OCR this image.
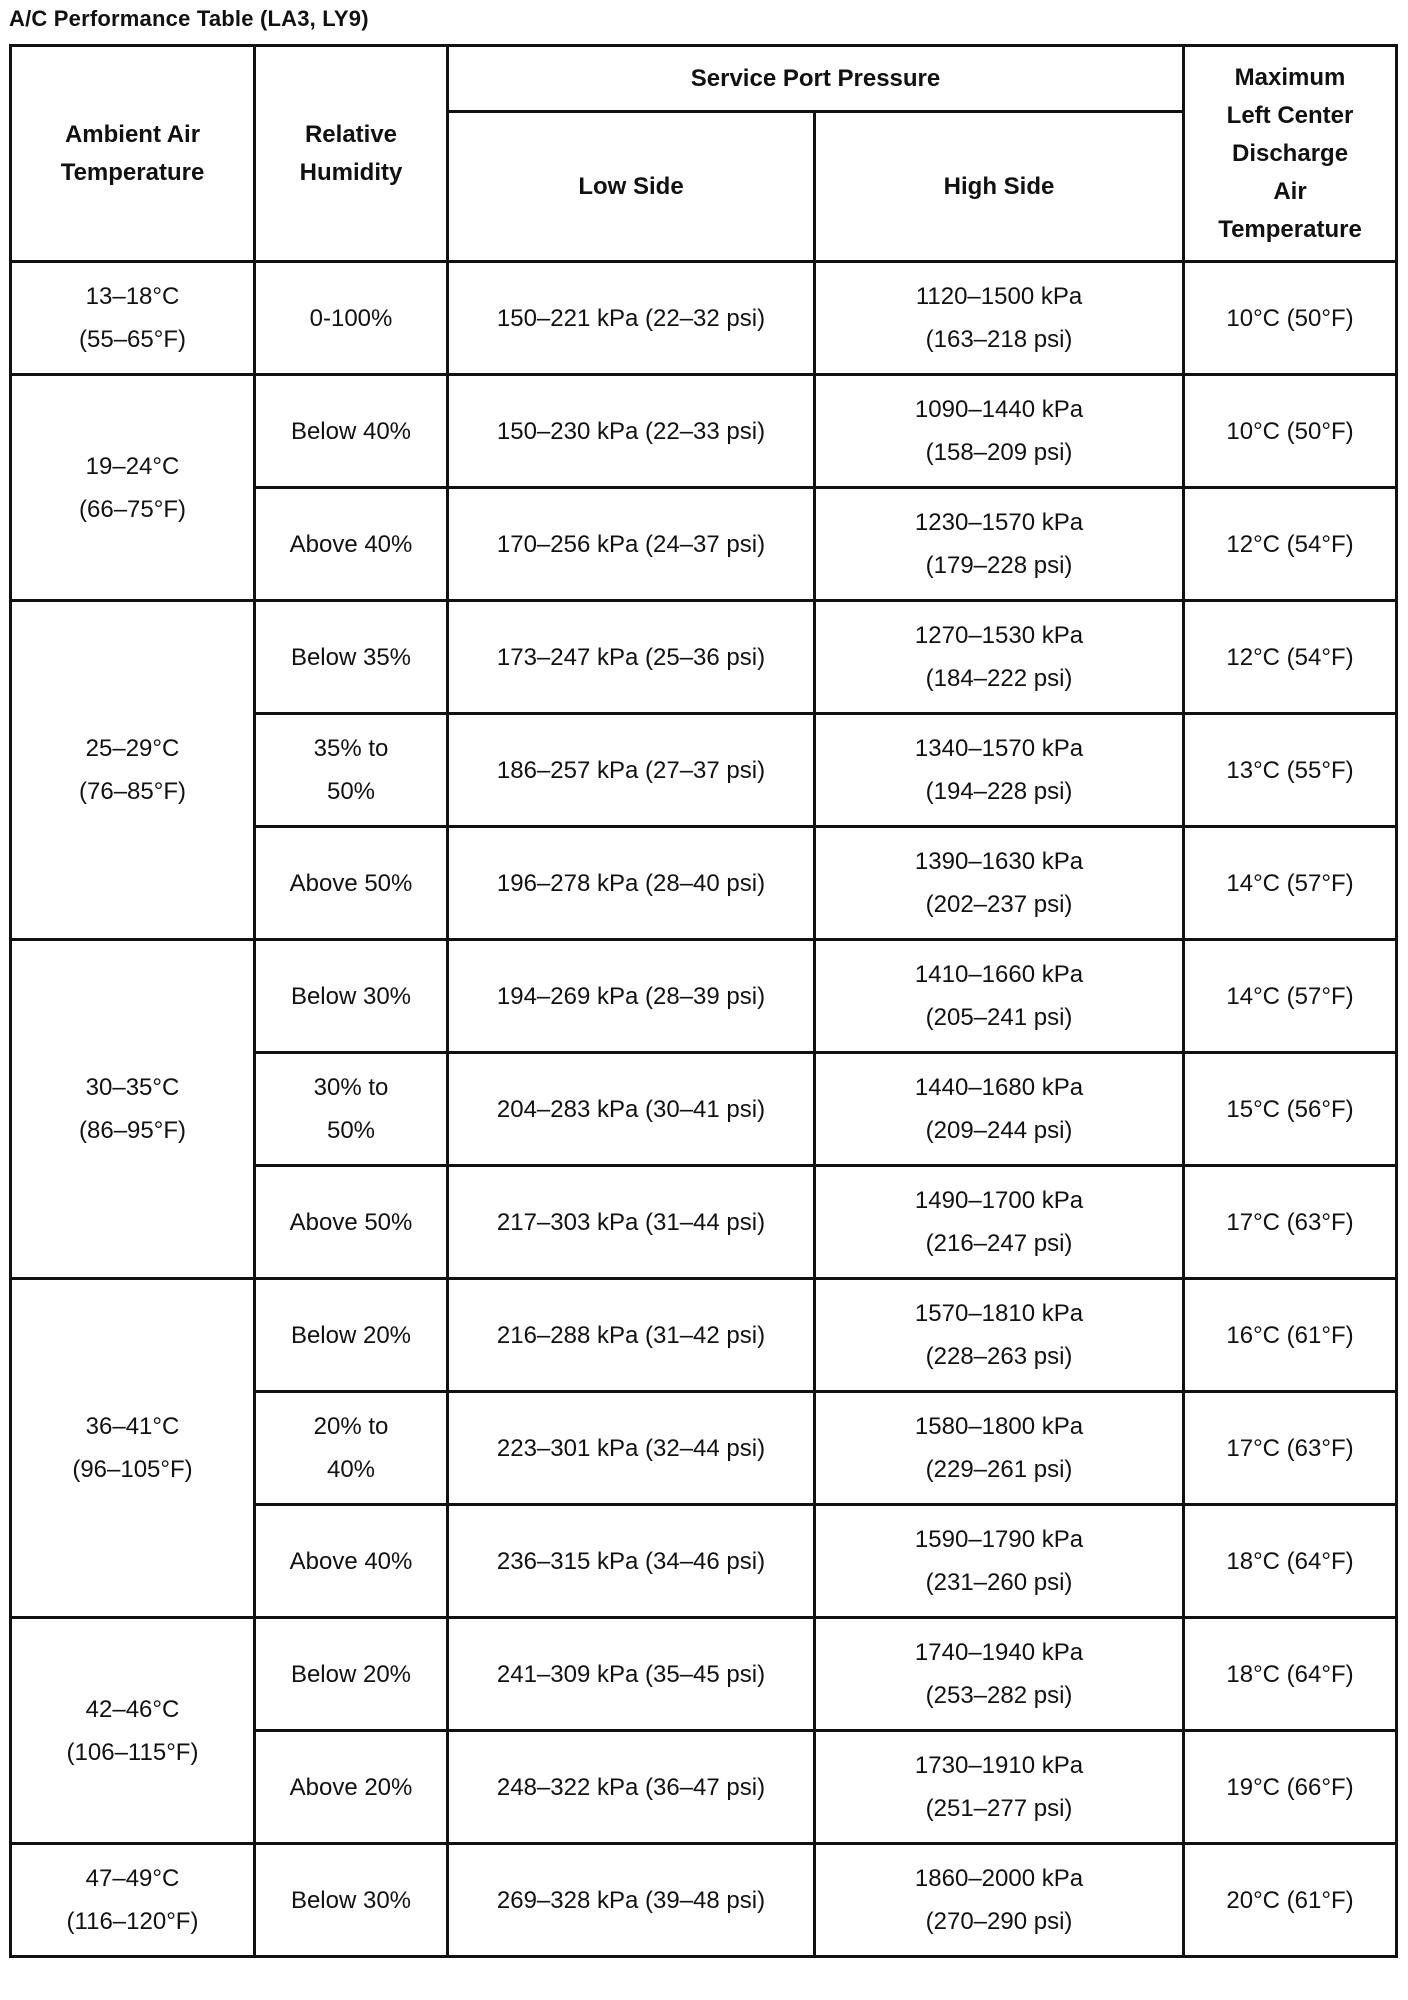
A/C Performance Table (LA3, LY9)
Ambient Air
Temperature	Relative
Humidity	Service Port Pressure		Maximum
Left Center
Discharge
Air
Temperature

		Low Side	High Side	

13–18°C
(55–65°F)	0-100%	150–221 kPa (22–32 psi)	1120–1500 kPa
(163–218 psi)	10°C (50°F)

19–24°C
(66–75°F)	Below 40%	150–230 kPa (22–33 psi)	1090–1440 kPa
(158–209 psi)	10°C (50°F)

	Above 40%	170–256 kPa (24–37 psi)	1230–1570 kPa
(179–228 psi)	12°C (54°F)

25–29°C
(76–85°F)	Below 35%	173–247 kPa (25–36 psi)	1270–1530 kPa
(184–222 psi)	12°C (54°F)

	35% to
50%	186–257 kPa (27–37 psi)	1340–1570 kPa
(194–228 psi)	13°C (55°F)

	Above 50%	196–278 kPa (28–40 psi)	1390–1630 kPa
(202–237 psi)	14°C (57°F)

30–35°C
(86–95°F)	Below 30%	194–269 kPa (28–39 psi)	1410–1660 kPa
(205–241 psi)	14°C (57°F)

	30% to
50%	204–283 kPa (30–41 psi)	1440–1680 kPa
(209–244 psi)	15°C (56°F)

	Above 50%	217–303 kPa (31–44 psi)	1490–1700 kPa
(216–247 psi)	17°C (63°F)

36–41°C
(96–105°F)	Below 20%	216–288 kPa (31–42 psi)	1570–1810 kPa
(228–263 psi)	16°C (61°F)

	20% to
40%	223–301 kPa (32–44 psi)	1580–1800 kPa
(229–261 psi)	17°C (63°F)

	Above 40%	236–315 kPa (34–46 psi)	1590–1790 kPa
(231–260 psi)	18°C (64°F)

42–46°C
(106–115°F)	Below 20%	241–309 kPa (35–45 psi)	1740–1940 kPa
(253–282 psi)	18°C (64°F)

	Above 20%	248–322 kPa (36–47 psi)	1730–1910 kPa
(251–277 psi)	19°C (66°F)

47–49°C
(116–120°F)	Below 30%	269–328 kPa (39–48 psi)	1860–2000 kPa
(270–290 psi)	20°C (61°F)
